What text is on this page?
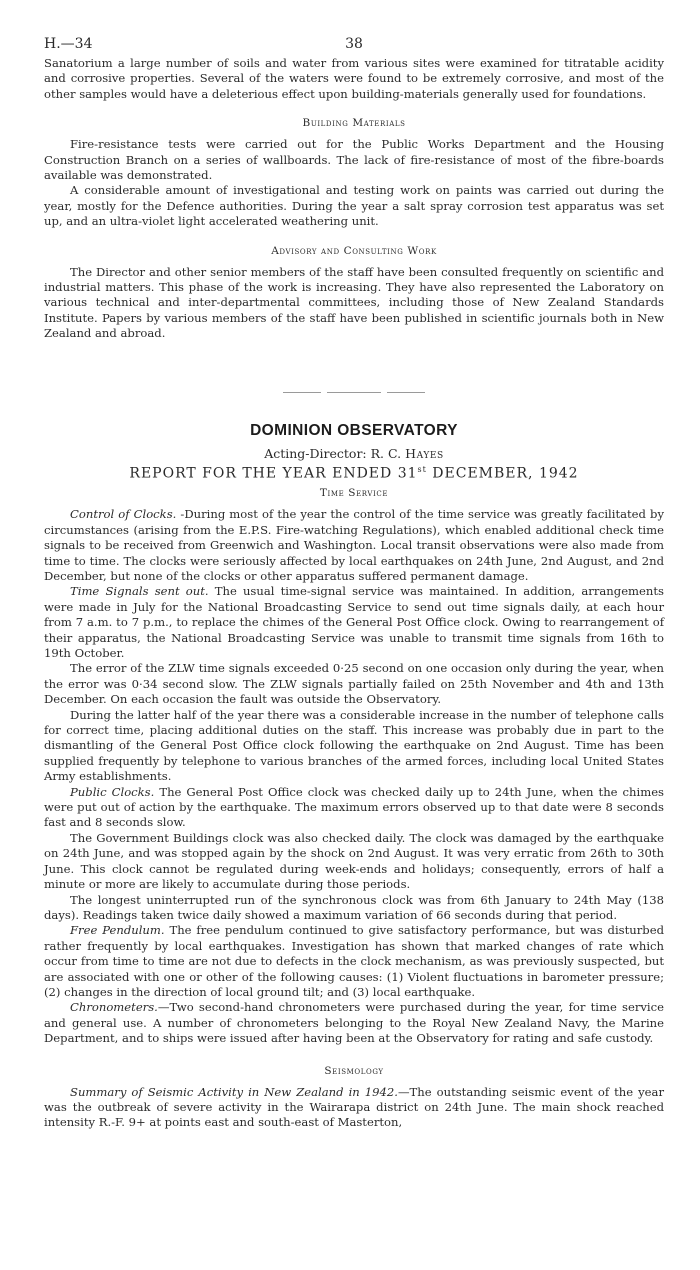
H.—34	38

Sanatorium a large number of soils and water from various sites were examined for titratable acidity and corrosive properties. Several of the waters were found to be extremely corrosive, and most of the other samples would have a deleterious effect upon building-materials generally used for foundations.

Building Materials

Fire-resistance tests were carried out for the Public Works Department and the Housing Construction Branch on a series of wallboards. The lack of fire-resistance of most of the fibre-boards available was demonstrated.

A considerable amount of investigational and testing work on paints was carried out during the year, mostly for the Defence authorities. During the year a salt spray corrosion test apparatus was set up, and an ultra-violet light accelerated weathering unit.

Advisory and Consulting Work

The Director and other senior members of the staff have been consulted frequently on scientific and industrial matters. This phase of the work is increasing. They have also represented the Laboratory on various technical and inter-departmental committees, including those of New Zealand Standards Institute. Papers by various members of the staff have been published in scientific journals both in New Zealand and abroad.

DOMINION OBSERVATORY
Acting-Director: R. C. Hayes
REPORT FOR THE YEAR ENDED 31st DECEMBER, 1942
Time Service

Control of Clocks. -During most of the year the control of the time service was greatly facilitated by circumstances (arising from the E.P.S. Fire-watching Regulations), which enabled additional check time signals to be received from Greenwich and Washington. Local transit observations were also made from time to time. The clocks were seriously affected by local earthquakes on 24th June, 2nd August, and 2nd December, but none of the clocks or other apparatus suffered permanent damage.

Time Signals sent out. The usual time-signal service was maintained. In addition, arrangements were made in July for the National Broadcasting Service to send out time signals daily, at each hour from 7 a.m. to 7 p.m., to replace the chimes of the General Post Office clock. Owing to rearrangement of their apparatus, the National Broadcasting Service was unable to transmit time signals from 16th to 19th October.

The error of the ZLW time signals exceeded 0·25 second on one occasion only during the year, when the error was 0·34 second slow. The ZLW signals partially failed on 25th November and 4th and 13th December. On each occasion the fault was outside the Observatory.

During the latter half of the year there was a considerable increase in the number of telephone calls for correct time, placing additional duties on the staff. This increase was probably due in part to the dismantling of the General Post Office clock following the earthquake on 2nd August. Time has been supplied frequently by telephone to various branches of the armed forces, including local United States Army establishments.

Public Clocks. The General Post Office clock was checked daily up to 24th June, when the chimes were put out of action by the earthquake. The maximum errors observed up to that date were 8 seconds fast and 8 seconds slow.

The Government Buildings clock was also checked daily. The clock was damaged by the earthquake on 24th June, and was stopped again by the shock on 2nd August. It was very erratic from 26th to 30th June. This clock cannot be regulated during week-ends and holidays; consequently, errors of half a minute or more are likely to accumulate during those periods.

The longest uninterrupted run of the synchronous clock was from 6th January to 24th May (138 days). Readings taken twice daily showed a maximum variation of 66 seconds during that period.

Free Pendulum. The free pendulum continued to give satisfactory performance, but was disturbed rather frequently by local earthquakes. Investigation has shown that marked changes of rate which occur from time to time are not due to defects in the clock mechanism, as was previously suspected, but are associated with one or other of the following causes: (1) Violent fluctuations in barometer pressure; (2) changes in the direction of local ground tilt; and (3) local earthquake.

Chronometers.—Two second-hand chronometers were purchased during the year, for time service and general use. A number of chronometers belonging to the Royal New Zealand Navy, the Marine Department, and to ships were issued after having been at the Observatory for rating and safe custody.

Seismology

Summary of Seismic Activity in New Zealand in 1942.—The outstanding seismic event of the year was the outbreak of severe activity in the Wairarapa district on 24th June. The main shock reached intensity R.-F. 9+ at points east and south-east of Masterton,
